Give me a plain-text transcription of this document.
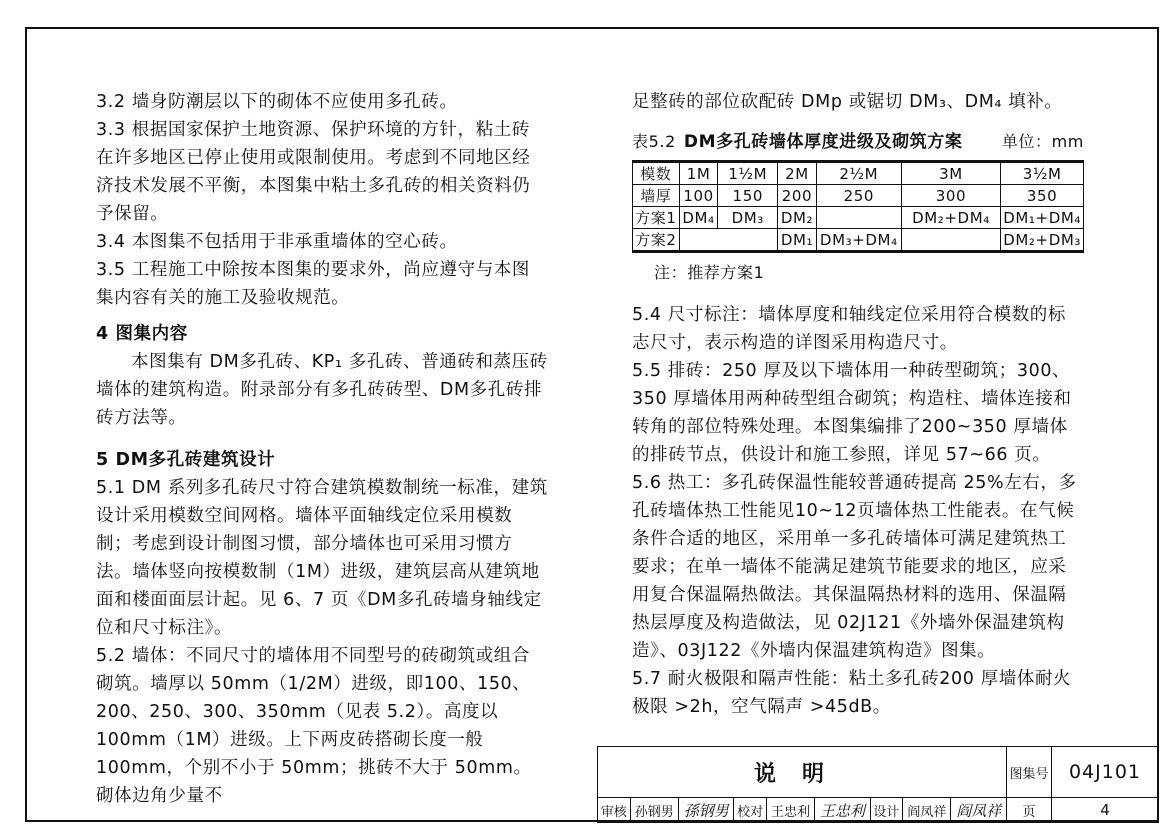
3.2 墙身防潮层以下的砌体不应使用多孔砖。

3.3 根据国家保护土地资源、保护环境的方针，粘土砖在许多地区已停止使用或限制使用。考虑到不同地区经济技术发展不平衡，本图集中粘土多孔砖的相关资料仍予保留。

3.4 本图集不包括用于非承重墙体的空心砖。

3.5 工程施工中除按本图集的要求外，尚应遵守与本图集内容有关的施工及验收规范。

4 图集内容

本图集有 DM多孔砖、KP₁ 多孔砖、普通砖和蒸压砖墙体的建筑构造。附录部分有多孔砖砖型、DM多孔砖排砖方法等。

5 DM多孔砖建筑设计

5.1 DM 系列多孔砖尺寸符合建筑模数制统一标准，建筑设计采用模数空间网格。墙体平面轴线定位采用模数制；考虑到设计制图习惯，部分墙体也可采用习惯方法。墙体竖向按模数制（1M）进级，建筑层高从建筑地面和楼面面层计起。见 6、7 页《DM多孔砖墙身轴线定位和尺寸标注》。

5.2 墙体：不同尺寸的墙体用不同型号的砖砌筑或组合砌筑。墙厚以 50mm（1/2M）进级，即100、150、200、250、300、350mm（见表 5.2）。高度以100mm（1M）进级。上下两皮砖搭砌长度一般100mm，个别不小于 50mm；挑砖不大于 50mm。砌体边角少量不

足整砖的部位砍配砖 DMp 或锯切 DM₃、DM₄ 填补。

表5.2 DM多孔砖墙体厚度进级及砌筑方案 单位：mm

模数	1M	1½M	2M	2½M	3M	3½M
墙厚	100	150	200	250	300	350
方案1	DM₄	DM₃	DM₂		DM₂+DM₄	DM₁+DM₄
方案2			DM₁	DM₃+DM₄		DM₂+DM₃

注：推荐方案1

5.4 尺寸标注：墙体厚度和轴线定位采用符合模数的标志尺寸，表示构造的详图采用构造尺寸。

5.5 排砖：250 厚及以下墙体用一种砖型砌筑；300、350 厚墙体用两种砖型组合砌筑；构造柱、墙体连接和转角的部位特殊处理。本图集编排了200~350 厚墙体的排砖节点，供设计和施工参照，详见 57~66 页。

5.6 热工：多孔砖保温性能较普通砖提高 25%左右，多孔砖墙体热工性能见10~12页墙体热工性能表。在气候条件合适的地区，采用单一多孔砖墙体可满足建筑热工要求；在单一墙体不能满足建筑节能要求的地区，应采用复合保温隔热做法。其保温隔热材料的选用、保温隔热层厚度及构造做法，见 02J121《外墙外保温建筑构造》、03J122《外墙内保温建筑构造》图集。

5.7 耐火极限和隔声性能：粘土多孔砖200 厚墙体耐火极限 >2h，空气隔声 >45dB。

说明									图集号	04J101
审核	孙钢男	孫钢男	校对	王忠利	王忠利	设计	阎凤祥	阎凤祥	页	4
